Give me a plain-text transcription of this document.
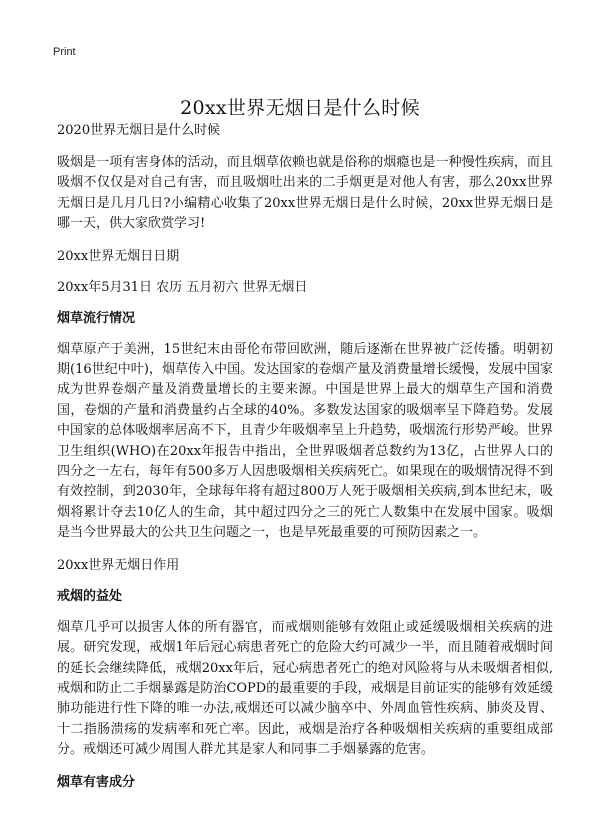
Print
20xx世界无烟日是什么时候

2020世界无烟日是什么时候

吸烟是一项有害身体的活动，而且烟草依赖也就是俗称的烟瘾也是一种慢性疾病，而且吸烟不仅仅是对自己有害，而且吸烟吐出来的二手烟更是对他人有害，那么20xx世界无烟日是几月几日?小编精心收集了20xx世界无烟日是什么时候，20xx世界无烟日是哪一天，供大家欣赏学习!

20xx世界无烟日日期

20xx年5月31日 农历 五月初六 世界无烟日

烟草流行情况

烟草原产于美洲，15世纪末由哥伦布带回欧洲，随后逐渐在世界被广泛传播。明朝初期(16世纪中叶)，烟草传入中国。发达国家的卷烟产量及消费量增长缓慢，发展中国家成为世界卷烟产量及消费量增长的主要来源。中国是世界上最大的烟草生产国和消费国，卷烟的产量和消费量约占全球的40%。多数发达国家的吸烟率呈下降趋势。发展中国家的总体吸烟率居高不下，且青少年吸烟率呈上升趋势，吸烟流行形势严峻。世界卫生组织(WHO)在20xx年报告中指出，全世界吸烟者总数约为13亿，占世界人口的四分之一左右，每年有500多万人因患吸烟相关疾病死亡。如果现在的吸烟情况得不到有效控制，到2030年，全球每年将有超过800万人死于吸烟相关疾病,到本世纪末，吸烟将累计夺去10亿人的生命，其中超过四分之三的死亡人数集中在发展中国家。吸烟是当今世界最大的公共卫生问题之一，也是早死最重要的可预防因素之一。

20xx世界无烟日作用

戒烟的益处

烟草几乎可以损害人体的所有器官，而戒烟则能够有效阻止或延缓吸烟相关疾病的进展。研究发现，戒烟1年后冠心病患者死亡的危险大约可减少一半，而且随着戒烟时间的延长会继续降低，戒烟20xx年后，冠心病患者死亡的绝对风险将与从未吸烟者相似,戒烟和防止二手烟暴露是防治COPD的最重要的手段，戒烟是目前证实的能够有效延缓肺功能进行性下降的唯一办法,戒烟还可以减少脑卒中、外周血管性疾病、肺炎及胃、十二指肠溃疡的发病率和死亡率。因此，戒烟是治疗各种吸烟相关疾病的重要组成部分。戒烟还可减少周围人群尤其是家人和同事二手烟暴露的危害。

烟草有害成分
